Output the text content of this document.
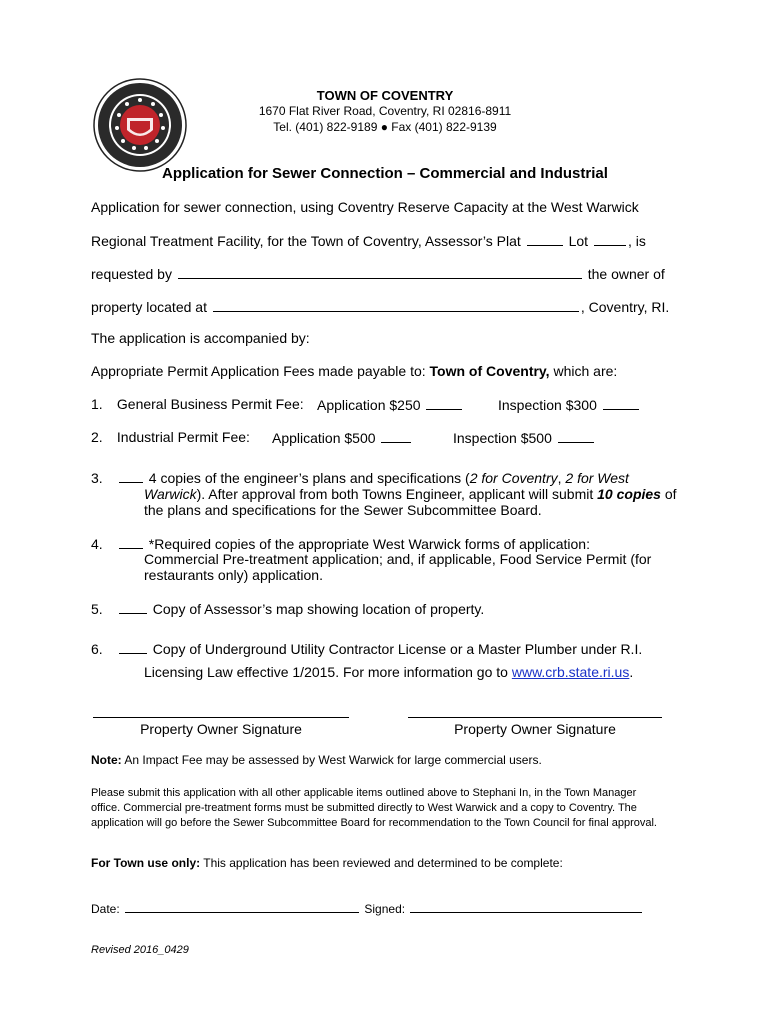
TOWN OF COVENTRY
1670 Flat River Road, Coventry, RI 02816-8911
Tel. (401) 822-9189 ● Fax (401) 822-9139
Application for Sewer Connection – Commercial and Industrial
Application for sewer connection, using Coventry Reserve Capacity at the West Warwick
Regional Treatment Facility, for the Town of Coventry, Assessor’s Plat	Lot	, is
requested by	the owner of
property located at	, Coventry, RI.
The application is accompanied by:
Appropriate Permit Application Fees made payable to: Town of Coventry, which are:
1. General Business Permit Fee: Application $250	Inspection $300
2. Industrial Permit Fee: Application $500	Inspection $500
3.	4 copies of the engineer’s plans and specifications (2 for Coventry, 2 for West
Warwick). After approval from both Towns Engineer, applicant will submit 10 copies of
the plans and specifications for the Sewer Subcommittee Board.
4.	*Required copies of the appropriate West Warwick forms of application:
Commercial Pre-treatment application; and, if applicable, Food Service Permit (for
restaurants only) application.
5.	Copy of Assessor’s map showing location of property.
6.	Copy of Underground Utility Contractor License or a Master Plumber under R.I.
Licensing Law effective 1/2015. For more information go to www.crb.state.ri.us.
Property Owner Signature	Property Owner Signature
Note: An Impact Fee may be assessed by West Warwick for large commercial users.
Please submit this application with all other applicable items outlined above to Stephani In, in the Town Manager
office. Commercial pre-treatment forms must be submitted directly to West Warwick and a copy to Coventry. The
application will go before the Sewer Subcommittee Board for recommendation to the Town Council for final approval.
For Town use only: This application has been reviewed and determined to be complete:
Date:	Signed:
Revised 2016_0429
